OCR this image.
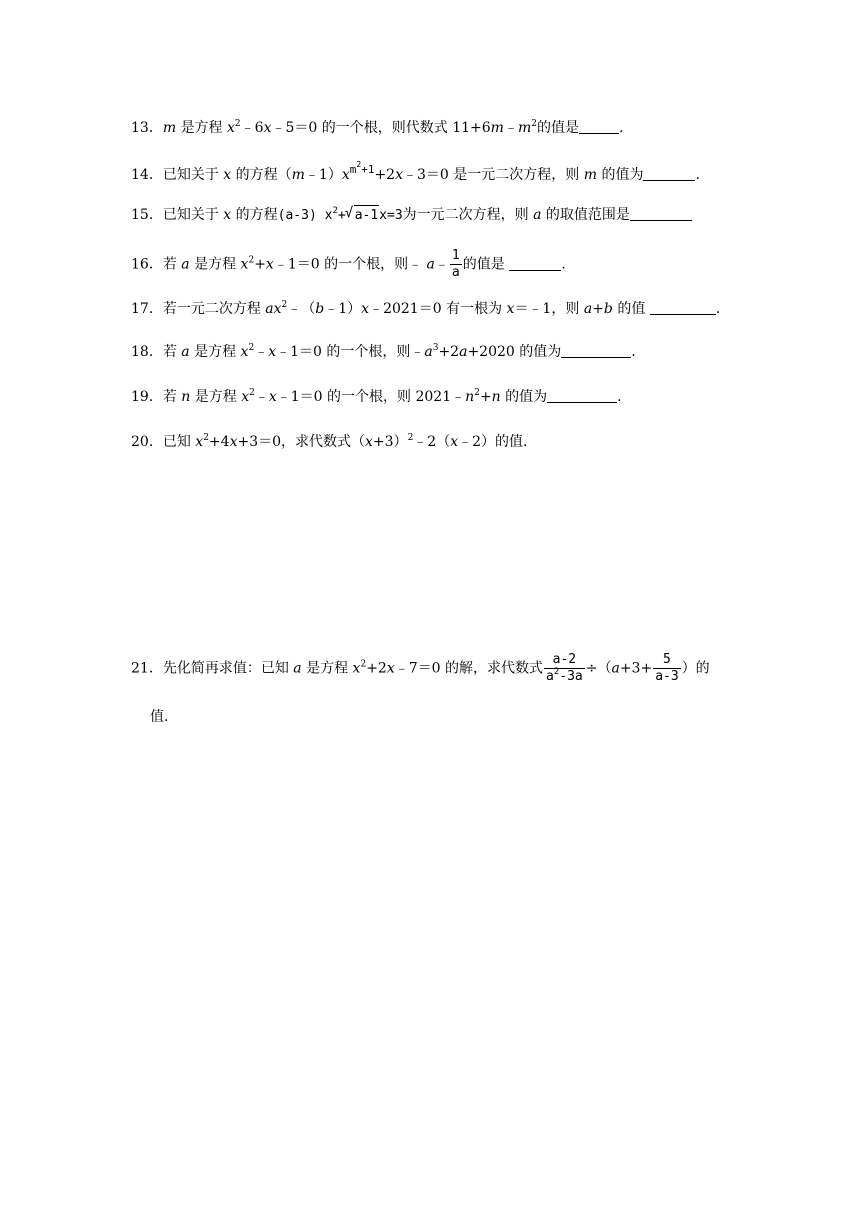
13．m 是方程 $x^2﹣6x﹣5=0$ 的一个根，则代数式 $11+6m﹣m^2$的值是	.
14．已知关于 x 的方程$(m﹣1)x^{m^2+1}+2x﹣3=0$ 是一元二次方程，则 m 的值为	.
15．已知关于 x 的方程(a-3) $x^2+√$ a-1x=3为一元二次方程，则 a 的取值范围是
16．若 a 是方程 $x^2+x﹣1=0$ 的一个根，则﹣ a﹣ $\frac{1}{a}$ 的值是	.
17．若一元二次方程 $ax^2﹣(b﹣1)x﹣2021=0$ 有一根为 x＝﹣1，则 a+b 的值	.
18．若 a 是方程 $x^2﹣x﹣1=0$ 的一个根，则$﹣a^3+2a+2020$ 的值为	.
19．若 n 是方程 $x^2﹣x﹣1=0$ 的一个根，则 $2021﹣n^2+n$ 的值为	.
20．已知 $x^2+4x+3=0$，求代数式$(x+3)^2﹣2(x﹣2)$的值.
21．先化简再求值：已知 a 是方程 $x^2+2x﹣7=0$ 的解，求代数式 $\frac{a-2}{a^2-3a} \div(a+3+ \frac{5}{a-3}$ ）的
值.
